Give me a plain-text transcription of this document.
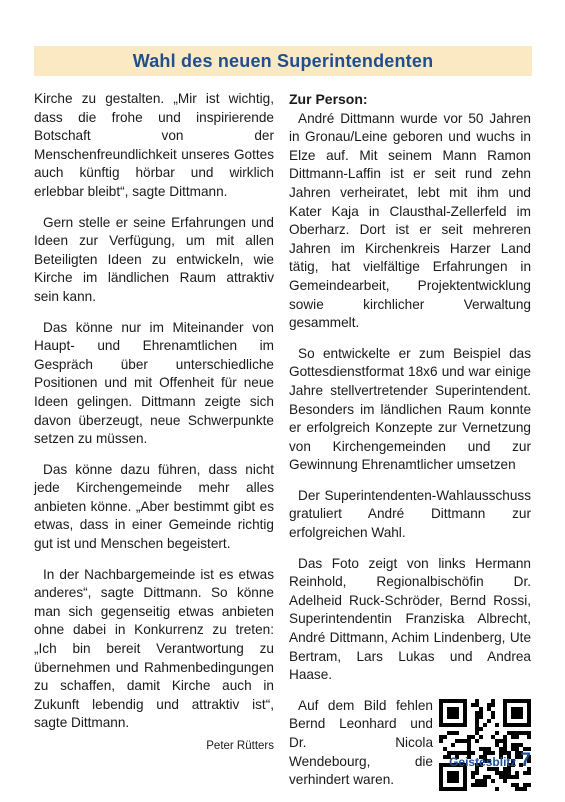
Wahl des neuen Superintendenten

Kirche zu gestalten. „Mir ist wichtig, dass die frohe und inspirierende Botschaft von der Menschenfreundlichkeit unseres Gottes auch künftig hörbar und wirklich erlebbar bleibt“, sagte Dittmann.

Gern stelle er seine Erfahrungen und Ideen zur Verfügung, um mit allen Beteiligten Ideen zu entwickeln, wie Kirche im ländlichen Raum attraktiv sein kann.

Das könne nur im Miteinander von Haupt- und Ehrenamtlichen im Gespräch über unterschiedliche Positionen und mit Offenheit für neue Ideen gelingen. Dittmann zeigte sich davon überzeugt, neue Schwerpunkte setzen zu müssen.

Das könne dazu führen, dass nicht jede Kirchengemeinde mehr alles anbieten könne. „Aber bestimmt gibt es etwas, dass in einer Gemeinde richtig gut ist und Menschen begeistert.

In der Nachbargemeinde ist es etwas anderes“, sagte Dittmann. So könne man sich gegenseitig etwas anbieten ohne dabei in Konkurrenz zu treten: „Ich bin bereit Verantwortung zu übernehmen und Rahmenbedingungen zu schaffen, damit Kirche auch in Zukunft lebendig und attraktiv ist“, sagte Dittmann.

Peter Rütters
Zur Person:

André Dittmann wurde vor 50 Jahren in Gronau/Leine geboren und wuchs in Elze auf. Mit seinem Mann Ramon Dittmann-Laffin ist er seit rund zehn Jahren verheiratet, lebt mit ihm und Kater Kaja in Clausthal-Zellerfeld im Oberharz. Dort ist er seit mehreren Jahren im Kirchenkreis Harzer Land tätig, hat vielfältige Erfahrungen in Gemeindearbeit, Projektentwicklung sowie kirchlicher Verwaltung gesammelt.

So entwickelte er zum Beispiel das Gottesdienstformat 18x6 und war einige Jahre stellvertretender Superintendent. Besonders im ländlichen Raum konnte er erfolgreich Konzepte zur Vernetzung von Kirchengemeinden und zur Gewinnung Ehrenamtlicher umsetzen

Der Superintendenten-Wahlausschuss gratuliert André Dittmann zur erfolgreichen Wahl.

Das Foto zeigt von links Hermann Reinhold, Regionalbischöfin Dr. Adelheid Ruck-Schröder, Bernd Rossi, Superintendentin Franziska Albrecht, André Dittmann, Achim Lindenberg, Ute Bertram, Lars Lukas und Andrea Haase.

Auf dem Bild fehlen Bernd Leonhard und Dr. Nicola Wendebourg, die verhindert waren.

Geistesblitz 7
